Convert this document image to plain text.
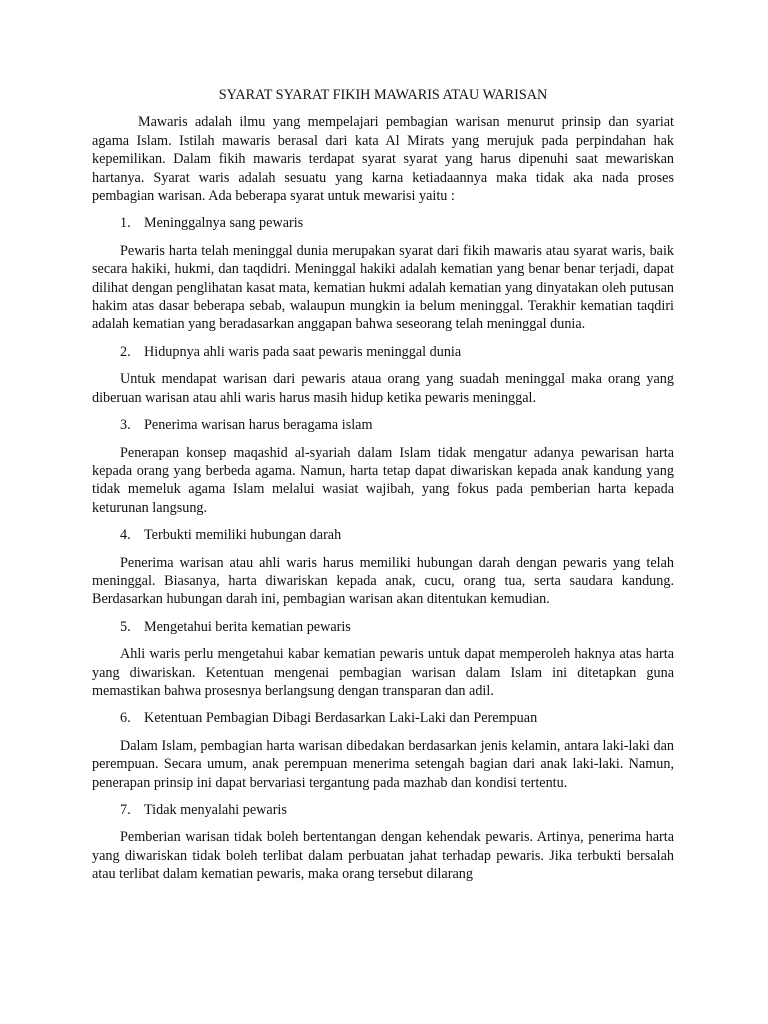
SYARAT SYARAT FIKIH MAWARIS ATAU WARISAN

Mawaris adalah ilmu yang mempelajari pembagian warisan menurut prinsip dan syariat agama Islam. Istilah mawaris berasal dari kata Al Mirats yang merujuk pada perpindahan hak kepemilikan. Dalam fikih mawaris terdapat syarat syarat yang harus dipenuhi saat mewariskan hartanya. Syarat waris adalah sesuatu yang karna ketiadaannya maka tidak aka nada proses pembagian warisan. Ada beberapa syarat untuk mewarisi yaitu :

1. Meninggalnya sang pewaris

Pewaris harta telah meninggal dunia merupakan syarat dari fikih mawaris atau syarat waris, baik secara hakiki, hukmi, dan taqdidri. Meninggal hakiki adalah kematian yang benar benar terjadi, dapat dilihat dengan penglihatan kasat mata, kematian hukmi adalah kematian yang dinyatakan oleh putusan hakim atas dasar beberapa sebab, walaupun mungkin ia belum meninggal. Terakhir kematian taqdiri adalah kematian yang beradasarkan anggapan bahwa seseorang telah meninggal dunia.

2. Hidupnya ahli waris pada saat pewaris meninggal dunia

Untuk mendapat warisan dari pewaris ataua orang yang suadah meninggal maka orang yang diberuan warisan atau ahli waris harus masih hidup ketika pewaris meninggal.

3. Penerima warisan harus beragama islam

Penerapan konsep maqashid al-syariah dalam Islam tidak mengatur adanya pewarisan harta kepada orang yang berbeda agama. Namun, harta tetap dapat diwariskan kepada anak kandung yang tidak memeluk agama Islam melalui wasiat wajibah, yang fokus pada pemberian harta kepada keturunan langsung.

4. Terbukti memiliki hubungan darah

Penerima warisan atau ahli waris harus memiliki hubungan darah dengan pewaris yang telah meninggal. Biasanya, harta diwariskan kepada anak, cucu, orang tua, serta saudara kandung. Berdasarkan hubungan darah ini, pembagian warisan akan ditentukan kemudian.

5. Mengetahui berita kematian pewaris

Ahli waris perlu mengetahui kabar kematian pewaris untuk dapat memperoleh haknya atas harta yang diwariskan. Ketentuan mengenai pembagian warisan dalam Islam ini ditetapkan guna memastikan bahwa prosesnya berlangsung dengan transparan dan adil.

6. Ketentuan Pembagian Dibagi Berdasarkan Laki-Laki dan Perempuan

Dalam Islam, pembagian harta warisan dibedakan berdasarkan jenis kelamin, antara laki-laki dan perempuan. Secara umum, anak perempuan menerima setengah bagian dari anak laki-laki. Namun, penerapan prinsip ini dapat bervariasi tergantung pada mazhab dan kondisi tertentu.

7. Tidak menyalahi pewaris

Pemberian warisan tidak boleh bertentangan dengan kehendak pewaris. Artinya, penerima harta yang diwariskan tidak boleh terlibat dalam perbuatan jahat terhadap pewaris. Jika terbukti bersalah atau terlibat dalam kematian pewaris, maka orang tersebut dilarang
